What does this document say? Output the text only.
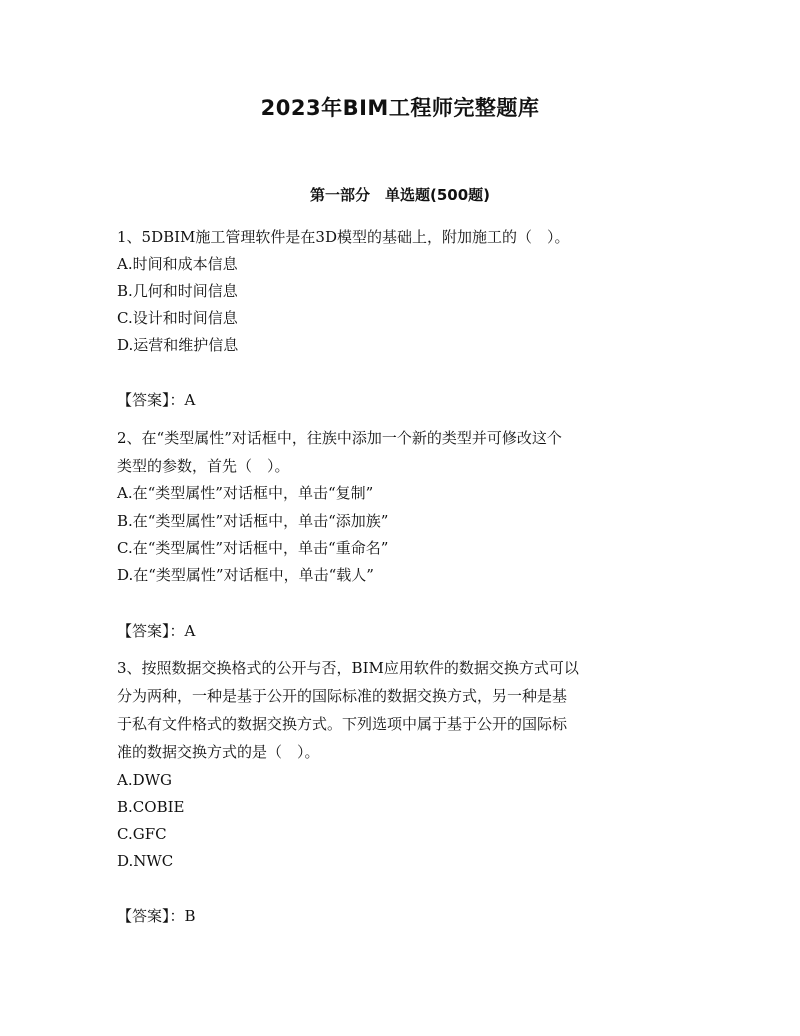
2023年BIM工程师完整题库
第一部分　单选题(500题)
1、5DBIM施工管理软件是在3D模型的基础上，附加施工的（　）。
A.时间和成本信息
B.几何和时间信息
C.设计和时间信息
D.运营和维护信息
【答案】：A
2、在“类型属性”对话框中，往族中添加一个新的类型并可修改这个
类型的参数，首先（　）。
A.在“类型属性”对话框中，单击“复制”
B.在“类型属性”对话框中，单击“添加族”
C.在“类型属性”对话框中，单击“重命名”
D.在“类型属性”对话框中，单击“载人”
【答案】：A
3、按照数据交换格式的公开与否，BIM应用软件的数据交换方式可以
分为两种，一种是基于公开的国际标准的数据交换方式，另一种是基
于私有文件格式的数据交换方式。下列选项中属于基于公开的国际标
准的数据交换方式的是（　）。
A.DWG
B.COBIE
C.GFC
D.NWC
【答案】：B
